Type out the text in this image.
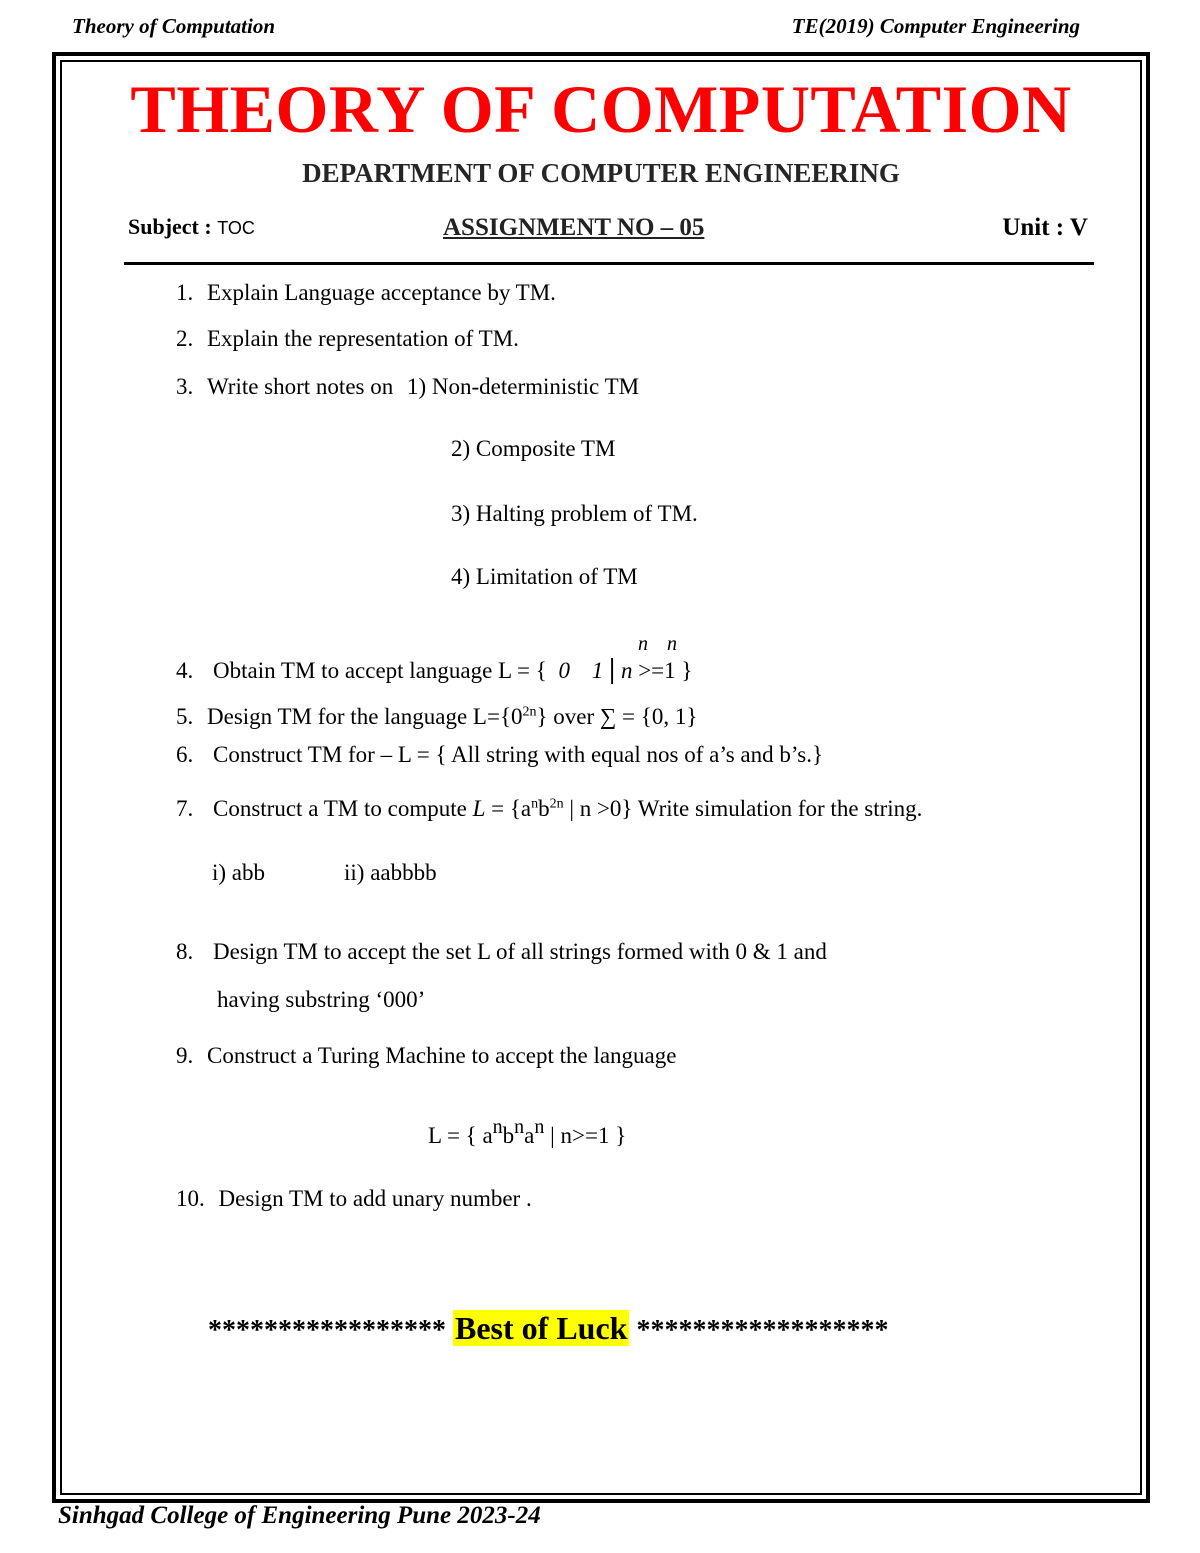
Theory of Computation	TE(2019) Computer Engineering
THEORY OF COMPUTATION
DEPARTMENT OF COMPUTER ENGINEERING
Subject : TOC	ASSIGNMENT NO – 05	Unit : V
1. Explain Language acceptance by TM.
2. Explain the representation of TM.
3. Write short notes on 1) Non-deterministic TM
2) Composite TM
3) Halting problem of TM.
4) Limitation of TM
n n
4. Obtain TM to accept language L = { 0 1 | n >=1 }
5. Design TM for the language $L=\{0^{2n}\}$ over ∑ = {0, 1}
6. Construct TM for – L = { All string with equal nos of a’s and b’s.}
7. Construct a TM to compute $L = \{a^nb^{2n}$ | n >0} Write simulation for the string.
i) abb	ii) aabbbb
8. Design TM to accept the set L of all strings formed with 0 & 1 and
having substring ‘000’
9. Construct a Turing Machine to accept the language
L = { anbnan | n>=1 }
10. Design TM to add unary number .
***************** Best of Luck ******************
Sinhgad College of Engineering Pune 2023-24
